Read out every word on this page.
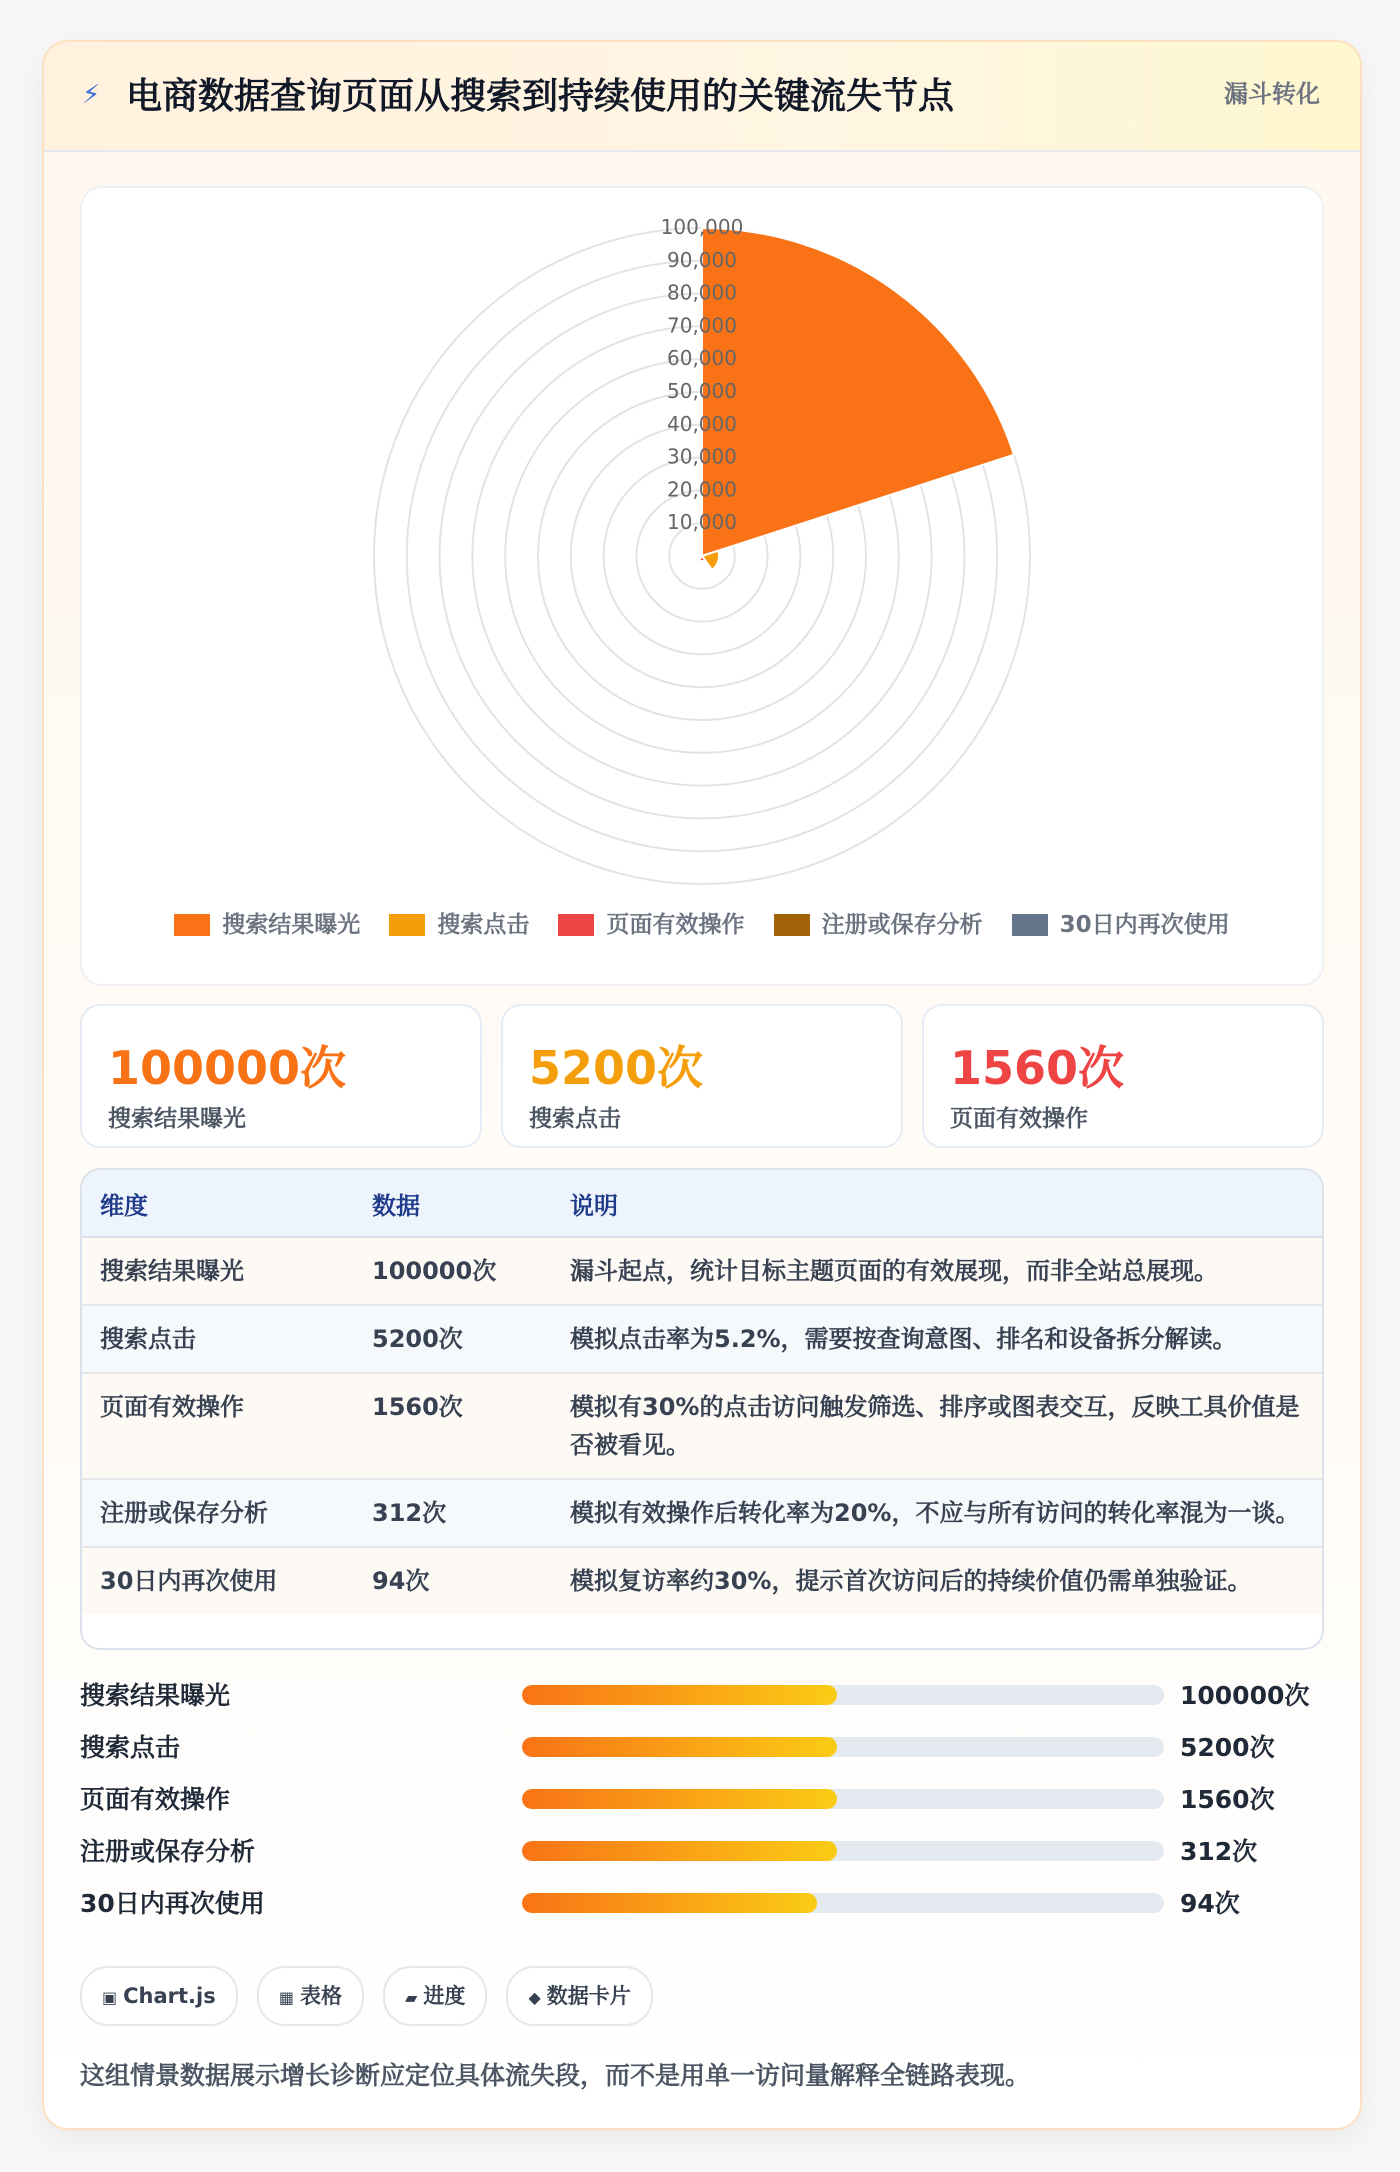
⚡ 电商数据查询页面从搜索到持续使用的关键流失节点	漏斗转化
10,000
20,000
30,000
40,000
50,000
60,000
70,000
80,000
90,000
100,000
搜索结果曝光	搜索点击	页面有效操作	注册或保存分析	30日内再次使用
100000次
搜索结果曝光
5200次
搜索点击
1560次
页面有效操作
维度	数据	说明
搜索结果曝光	100000次	漏斗起点，统计目标主题页面的有效展现，而非全站总展现。
搜索点击	5200次	模拟点击率为5.2%，需要按查询意图、排名和设备拆分解读。
页面有效操作	1560次	模拟有30%的点击访问触发筛选、排序或图表交互，反映工具价值是否被看见。
注册或保存分析	312次	模拟有效操作后转化率为20%，不应与所有访问的转化率混为一谈。
30日内再次使用	94次	模拟复访率约30%，提示首次访问后的持续价值仍需单独验证。
搜索结果曝光	100000次
搜索点击	5200次
页面有效操作	1560次
注册或保存分析	312次
30日内再次使用	94次
▣ Chart.js	▦ 表格	▰ 进度	◆ 数据卡片
这组情景数据展示增长诊断应定位具体流失段，而不是用单一访问量解释全链路表现。
